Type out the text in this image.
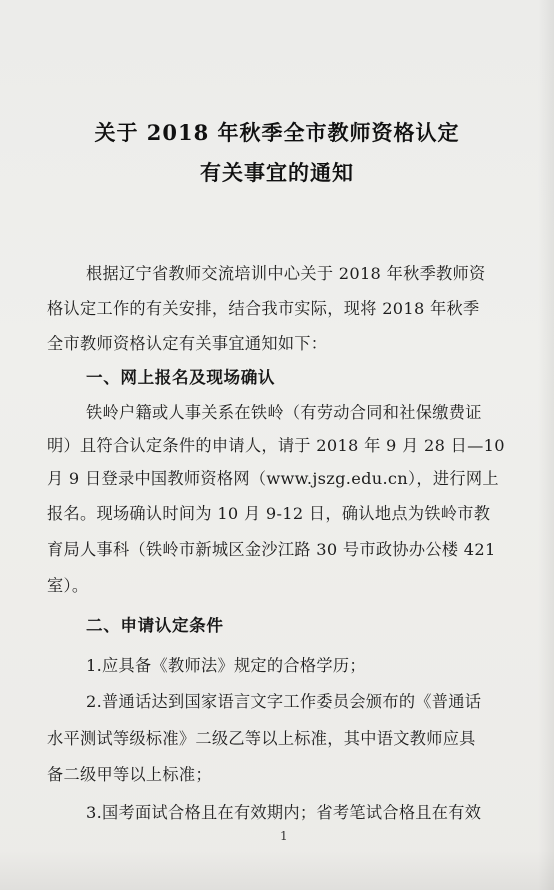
关于 2018 年秋季全市教师资格认定
有关事宜的通知
根据辽宁省教师交流培训中心关于 2018 年秋季教师资
格认定工作的有关安排，结合我市实际，现将 2018 年秋季
全市教师资格认定有关事宜通知如下：
一、网上报名及现场确认
铁岭户籍或人事关系在铁岭（有劳动合同和社保缴费证
明）且符合认定条件的申请人，请于 2018 年 9 月 28 日—10
月 9 日登录中国教师资格网（www.jszg.edu.cn），进行网上
报名。现场确认时间为 10 月 9-12 日，确认地点为铁岭市教
育局人事科（铁岭市新城区金沙江路 30 号市政协办公楼 421
室）。
二、申请认定条件
1.应具备《教师法》规定的合格学历；
2.普通话达到国家语言文字工作委员会颁布的《普通话
水平测试等级标准》二级乙等以上标准，其中语文教师应具
备二级甲等以上标准；
3.国考面试合格且在有效期内；省考笔试合格且在有效
1
